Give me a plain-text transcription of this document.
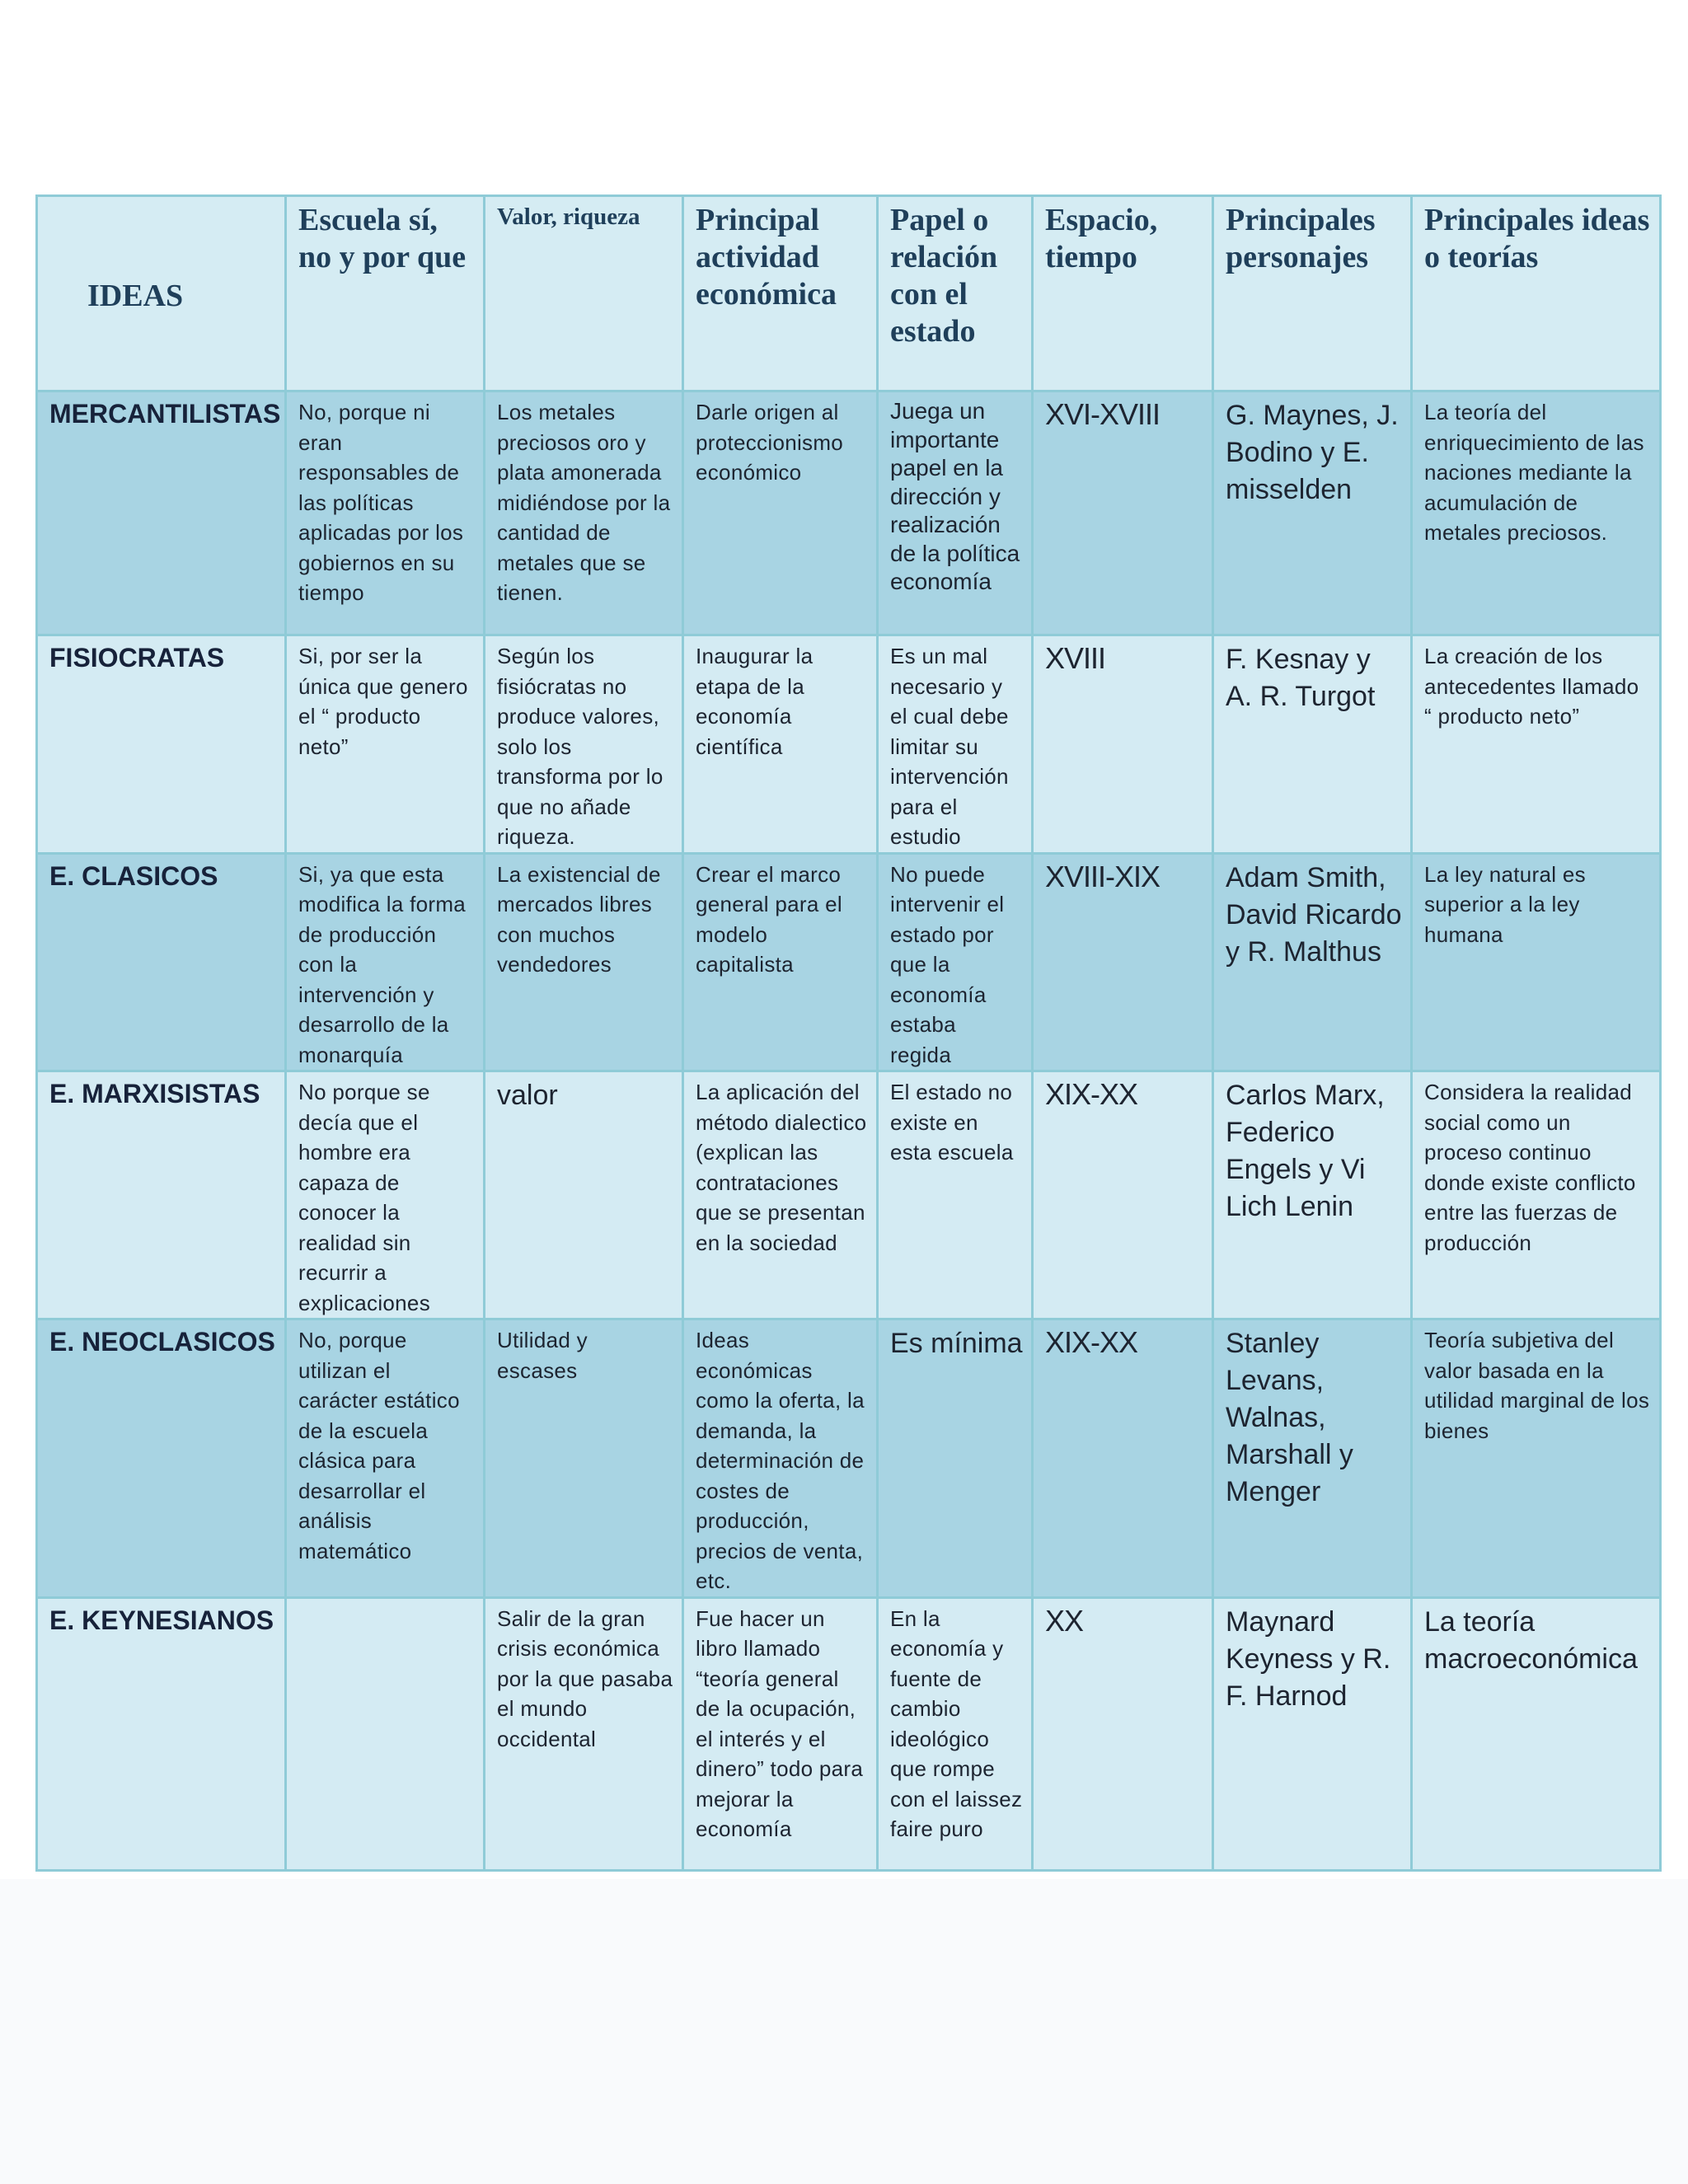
IDEAS	Escuela sí, no y por que	Valor, riqueza	Principal actividad económica	Papel o relación con el estado	Espacio, tiempo	Principales personajes	Principales ideas o teorías
MERCANTILISTAS	No, porque ni eran responsables de las políticas aplicadas por los gobiernos en su tiempo	Los metales preciosos oro y plata amonerada midiéndose por la cantidad de metales que se tienen.	Darle origen al proteccionismo económico	Juega un importante papel en la dirección y realización de la política economía	XVI-XVIII	G. Maynes, J. Bodino y E. misselden	La teoría del enriquecimiento de las naciones mediante la acumulación de metales preciosos.
FISIOCRATAS	Si, por ser la única que genero el “ producto neto”	Según los fisiócratas no produce valores, solo los transforma por lo que no añade riqueza.	Inaugurar la etapa de la economía científica	Es un mal necesario y el cual debe limitar su intervención para el estudio	XVIII	F. Kesnay y A. R. Turgot	La creación de los antecedentes llamado “ producto neto”
E. CLASICOS	Si, ya que esta modifica la forma de producción con la intervención y desarrollo de la monarquía	La existencial de mercados libres con muchos vendedores	Crear el marco general para el modelo capitalista	No puede intervenir el estado por que la economía estaba regida	XVIII-XIX	Adam Smith, David Ricardo y R. Malthus	La ley natural es superior a la ley humana
E. MARXISISTAS	No porque se decía que el hombre era capaza de conocer la realidad sin recurrir a explicaciones	valor	La aplicación del método dialectico (explican las contrataciones que se presentan en la sociedad	El estado no existe en esta escuela	XIX-XX	Carlos Marx, Federico Engels y Vi Lich Lenin	Considera la realidad social como un proceso continuo donde existe conflicto entre las fuerzas de producción
E. NEOCLASICOS	No, porque utilizan el carácter estático de la escuela clásica para desarrollar el análisis matemático	Utilidad y escases	Ideas económicas como la oferta, la demanda, la determinación de costes de producción, precios de venta, etc.	Es mínima	XIX-XX	Stanley Levans, Walnas, Marshall y Menger	Teoría subjetiva del valor basada en la utilidad marginal de los bienes
E. KEYNESIANOS		Salir de la gran crisis económica por la que pasaba el mundo occidental	Fue hacer un libro llamado “teoría general de la ocupación, el interés y el dinero” todo para mejorar la economía	En la economía y fuente de cambio ideológico que rompe con el laissez faire puro	XX	Maynard Keyness y R. F. Harnod	La teoría macroeconómica
